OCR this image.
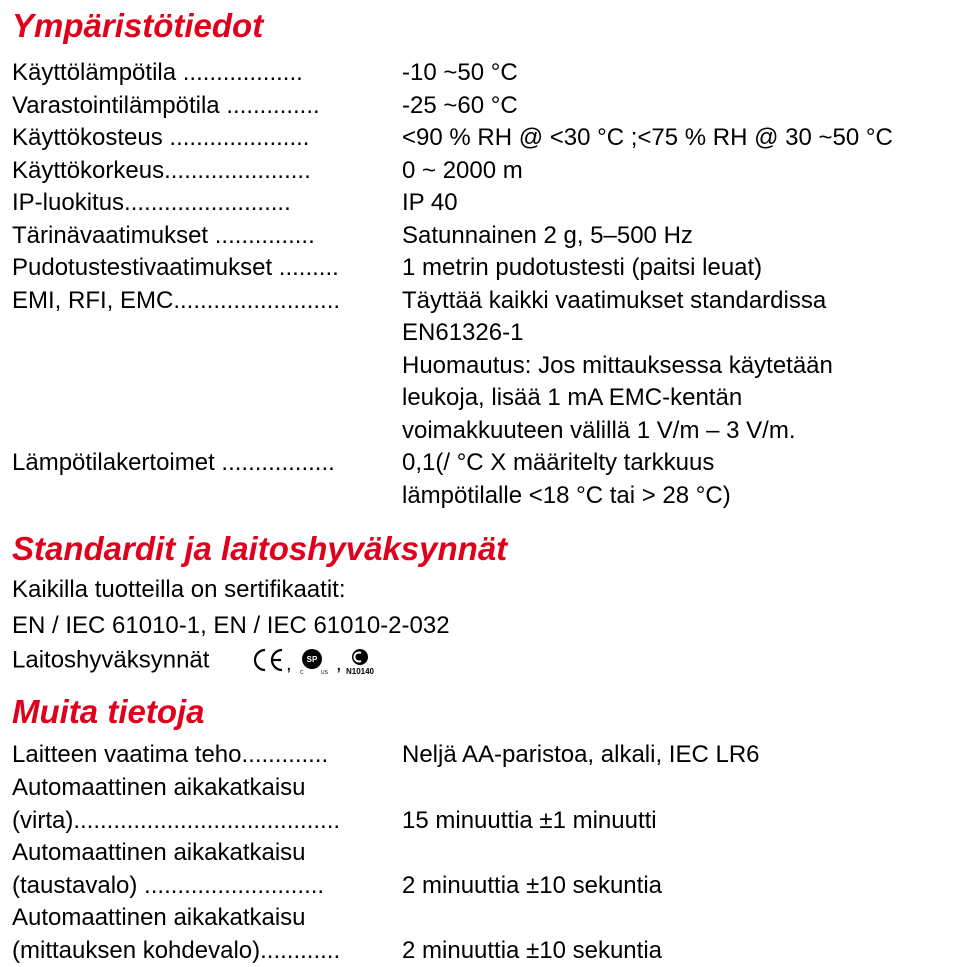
Ympäristötiedot
Käyttölämpötila ..................	-10 ~50 °C
Varastointilämpötila ..............	-25 ~60 °C
Käyttökosteus .....................	<90 % RH @ <30 °C ;<75 % RH @ 30 ~50 °C
Käyttökorkeus......................	0 ~ 2000 m
IP-luokitus.........................	IP 40
Tärinävaatimukset ...............	Satunnainen 2 g, 5–500 Hz
Pudotustestivaatimukset .........	1 metrin pudotustesti (paitsi leuat)
EMI, RFI, EMC.........................	Täyttää kaikki vaatimukset standardissa
EN61326-1
Huomautus: Jos mittauksessa käytetään
leukoja, lisää 1 mA EMC-kentän
voimakkuuteen välillä 1 V/m – 3 V/m.
Lämpötilakertoimet .................	0,1(/ °C X määritelty tarkkuus
lämpötilalle <18 °C tai > 28 °C)
Standardit ja laitoshyväksynnät
Kaikilla tuotteilla on sertifikaatit:
EN / IEC 61010-1, EN / IEC 61010-2-032
Laitoshyväksynnät	, SP
C	US , N10140
Muita tietoja
Laitteen vaatima teho.............	Neljä AA-paristoa, alkali, IEC LR6
Automaattinen aikakatkaisu
(virta)........................................	15 minuuttia ±1 minuutti
Automaattinen aikakatkaisu
(taustavalo) ...........................	2 minuuttia ±10 sekuntia
Automaattinen aikakatkaisu
(mittauksen kohdevalo)............	2 minuuttia ±10 sekuntia
